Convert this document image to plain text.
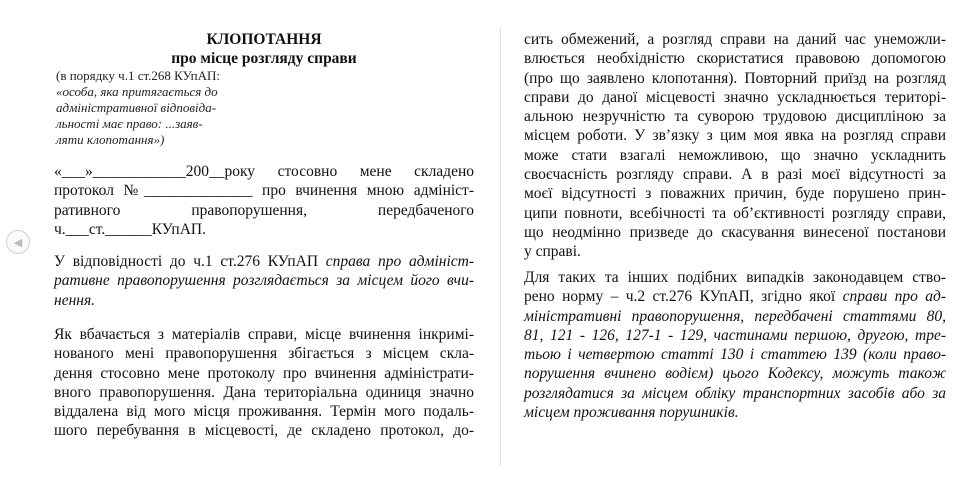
◀
КЛОПОТАННЯ
про місце розгляду справи
(в порядку ч.1 ст.268 КУпАП:
«особа, яка притягається до
адміністративної відповіда-
льності має право: ...заяв-
ляти клопотання»)
«___»____________200__року стосовно мене складено
протокол №______________ про вчинення мною адмініст-
ративного правопорушення, передбаченого
ч.___ст.______КУпАП.
У відповідності до ч.1 ст.276 КУпАП справа про адмініст-
ративне правопорушення розглядається за місцем його вчи-
нення.
Як вбачається з матеріалів справи, місце вчинення інкримі-
нованого мені правопорушення збігається з місцем скла-
дення стосовно мене протоколу про вчинення адміністрати-
вного правопорушення. Дана територіальна одиниця значно
віддалена від мого місця проживання. Термін мого подаль-
шого перебування в місцевості, де складено протокол, до-
сить обмежений, а розгляд справи на даний час унеможли-
влюється необхідністю скористатися правовою допомогою
(про що заявлено клопотання). Повторний приїзд на розгляд
справи до даної місцевості значно ускладнюється територі-
альною незручністю та суворою трудовою дисципліною за
місцем роботи. У зв’язку з цим моя явка на розгляд справи
може стати взагалі неможливою, що значно ускладнить
своєчасність розгляду справи. А в разі моєї відсутності за
моєї відсутності з поважних причин, буде порушено прин-
ципи повноти, всебічності та об’єктивності розгляду справи,
що неодмінно призведе до скасування винесеної постанови
у справі.
Для таких та інших подібних випадків законодавцем ство-
рено норму – ч.2 ст.276 КУпАП, згідно якої справи про ад-
міністративні правопорушення, передбачені статтями 80,
81, 121 - 126, 127-1 - 129, частинами першою, другою, тре-
тьою і четвертою статті 130 і статтею 139 (коли право-
порушення вчинено водієм) цього Кодексу, можуть також
розглядатися за місцем обліку транспортних засобів або за
місцем проживання порушників.
